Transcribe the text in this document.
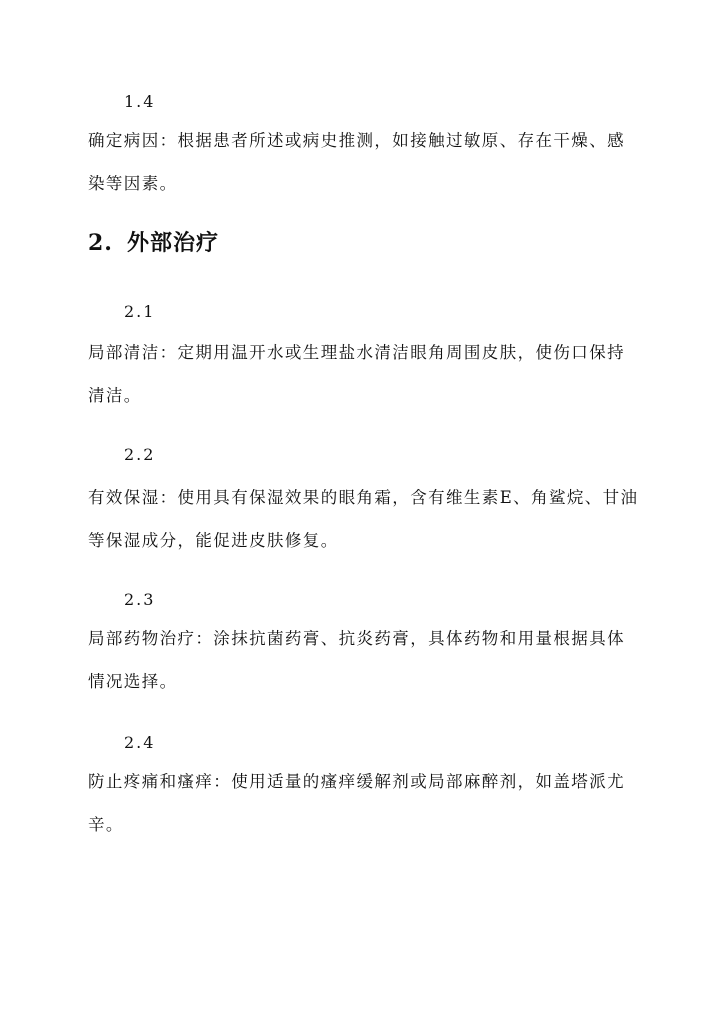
1.4
确定病因：根据患者所述或病史推测，如接触过敏原、存在干燥、感染等因素。
2. 外部治疗
2.1
局部清洁：定期用温开水或生理盐水清洁眼角周围皮肤，使伤口保持清洁。
2.2
有效保湿：使用具有保湿效果的眼角霜，含有维生素E、角鲨烷、甘油等保湿成分，能促进皮肤修复。
2.3
局部药物治疗：涂抹抗菌药膏、抗炎药膏，具体药物和用量根据具体情况选择。
2.4
防止疼痛和瘙痒：使用适量的瘙痒缓解剂或局部麻醉剂，如盖塔派尤辛。
